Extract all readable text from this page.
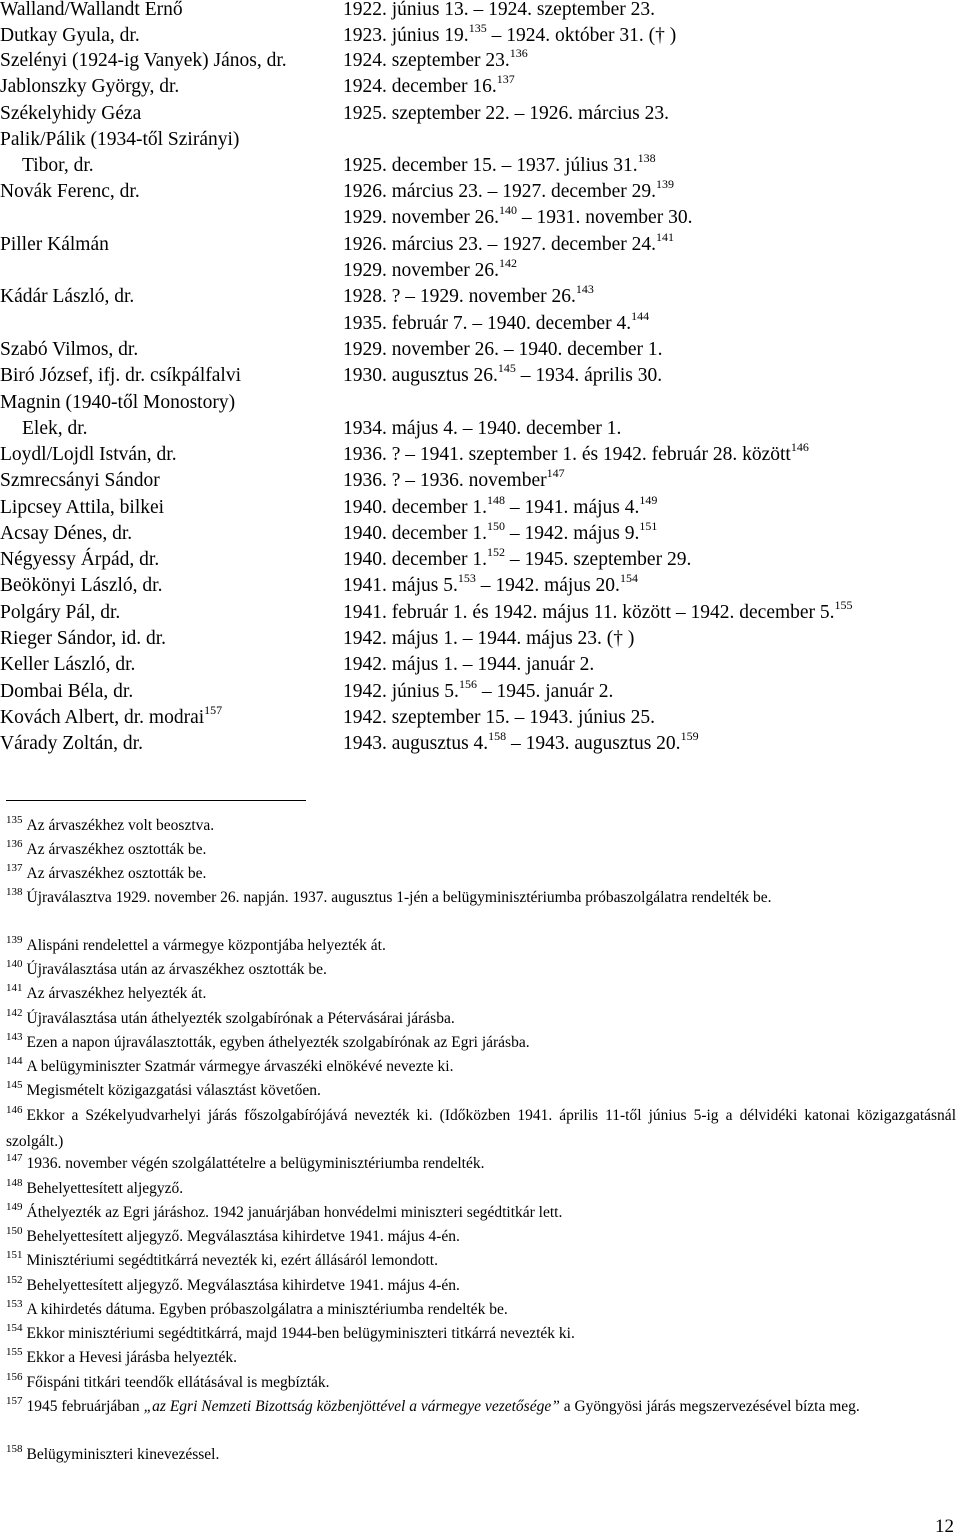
Walland/Wallandt Ernő	1922. június 13. – 1924. szeptember 23.
Dutkay Gyula, dr.	1923. június 19.$^{135}$ – 1924. október 31. († )
Szelényi (1924-ig Vanyek) János, dr.	1924. szeptember 23.$^{136}$
Jablonszky György, dr.	1924. december 16.$^{137}$
Székelyhidy Géza	1925. szeptember 22. – 1926. március 23.
Palik/Pálik (1934-től Szirányi)
Tibor, dr.	1925. december 15. – 1937. július 31.$^{138}$
Novák Ferenc, dr.	1926. március 23. – 1927. december 29.$^{139}$
1929. november 26.$^{140}$ – 1931. november 30.
Piller Kálmán	1926. március 23. – 1927. december 24.$^{141}$
1929. november 26.$^{142}$
Kádár László, dr.	1928. ? – 1929. november 26.$^{143}$
1935. február 7. – 1940. december 4.$^{144}$
Szabó Vilmos, dr.	1929. november 26. – 1940. december 1.
Biró József, ifj. dr. csíkpálfalvi	1930. augusztus 26.$^{145}$ – 1934. április 30.
Magnin (1940-től Monostory)
Elek, dr.	1934. május 4. – 1940. december 1.
Loydl/Lojdl István, dr.	1936. ? – 1941. szeptember 1. és 1942. február 28. között$^{146}$
Szmrecsányi Sándor	1936. ? – 1936. november$^{147}$
Lipcsey Attila, bilkei	1940. december 1.$^{148}$ – 1941. május 4.$^{149}$
Acsay Dénes, dr.	1940. december 1.$^{150}$ – 1942. május 9.$^{151}$
Négyessy Árpád, dr.	1940. december 1.$^{152}$ – 1945. szeptember 29.
Beökönyi László, dr.	1941. május 5.$^{153}$ – 1942. május 20.$^{154}$
Polgáry Pál, dr.	1941. február 1. és 1942. május 11. között – 1942. december 5.$^{155}$
Rieger Sándor, id. dr.	1942. május 1. – 1944. május 23. († )
Keller László, dr.	1942. május 1. – 1944. január 2.
Dombai Béla, dr.	1942. június 5.$^{156}$ – 1945. január 2.
Kovách Albert, dr. modrai$^{157}$	1942. szeptember 15. – 1943. június 25.
Várady Zoltán, dr.	1943. augusztus 4.$^{158}$ – 1943. augusztus 20.$^{159}$
$^{135}$ Az árvaszékhez volt beosztva.
$^{136}$ Az árvaszékhez osztották be.
$^{137}$ Az árvaszékhez osztották be.
$^{138}$ Újraválasztva 1929. november 26. napján. 1937. augusztus 1-jén a belügyminisztériumba próbaszolgálatra rendelték be.
$^{139}$ Alispáni rendelettel a vármegye központjába helyezték át.
$^{140}$ Újraválasztása után az árvaszékhez osztották be.
$^{141}$ Az árvaszékhez helyezték át.
$^{142}$ Újraválasztása után áthelyezték szolgabírónak a Pétervásárai járásba.
$^{143}$ Ezen a napon újraválasztották, egyben áthelyezték szolgabírónak az Egri járásba.
$^{144}$ A belügyminiszter Szatmár vármegye árvaszéki elnökévé nevezte ki.
$^{145}$ Megismételt közigazgatási választást követően.
$^{146}$ Ekkor a Székelyudvarhelyi járás főszolgabírójává nevezték ki. (Időközben 1941. április 11-től június 5-ig a délvidéki katonai közigazgatásnál szolgált.)
$^{147}$ 1936. november végén szolgálattételre a belügyminisztériumba rendelték.
$^{148}$ Behelyettesített aljegyző.
$^{149}$ Áthelyezték az Egri járáshoz. 1942 januárjában honvédelmi miniszteri segédtitkár lett.
$^{150}$ Behelyettesített aljegyző. Megválasztása kihirdetve 1941. május 4-én.
$^{151}$ Minisztériumi segédtitkárrá nevezték ki, ezért állásáról lemondott.
$^{152}$ Behelyettesített aljegyző. Megválasztása kihirdetve 1941. május 4-én.
$^{153}$ A kihirdetés dátuma. Egyben próbaszolgálatra a minisztériumba rendelték be.
$^{154}$ Ekkor minisztériumi segédtitkárrá, majd 1944-ben belügyminiszteri titkárrá nevezték ki.
$^{155}$ Ekkor a Hevesi járásba helyezték.
$^{156}$ Főispáni titkári teendők ellátásával is megbízták.
$^{157}$ 1945 februárjában „az Egri Nemzeti Bizottság közbenjöttével a vármegye vezetősége” a Gyöngyösi járás megszervezésével bízta meg.
$^{158}$ Belügyminiszteri kinevezéssel.
12
